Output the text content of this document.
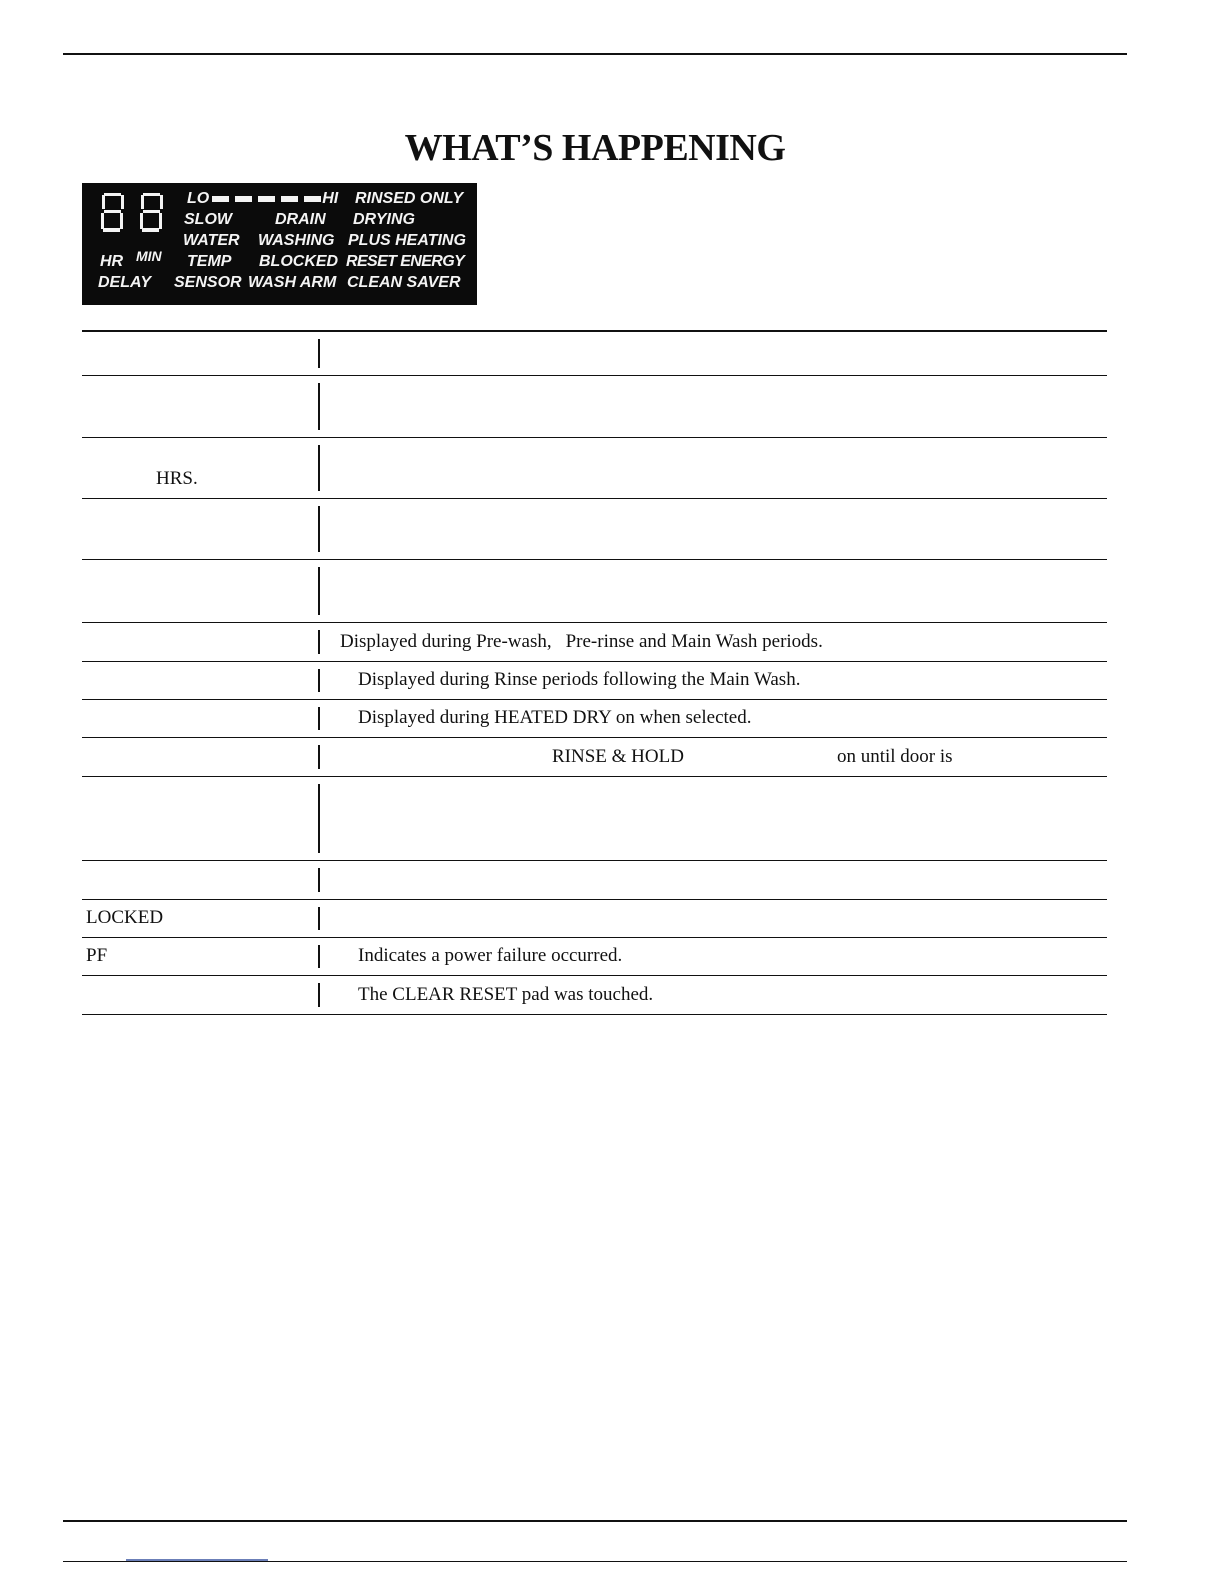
WHAT’S HAPPENING
LO	HI RINSED ONLY
SLOW	DRAIN DRYING
WATER WASHING PLUS HEATING
HR MIN TEMP BLOCKED RESET ENERGY
DELAY SENSOR WASH ARM CLEAN SAVER

HRS.	

	Displayed during Pre-wash, Pre-rinse and Main Wash periods.
	Displayed during Rinse periods following the Main Wash.
	Displayed during HEATED DRY on when selected.
	RINSE & HOLD on until door is

LOCKED	
PF	Indicates a power failure occurred.
	The CLEAR RESET pad was touched.
